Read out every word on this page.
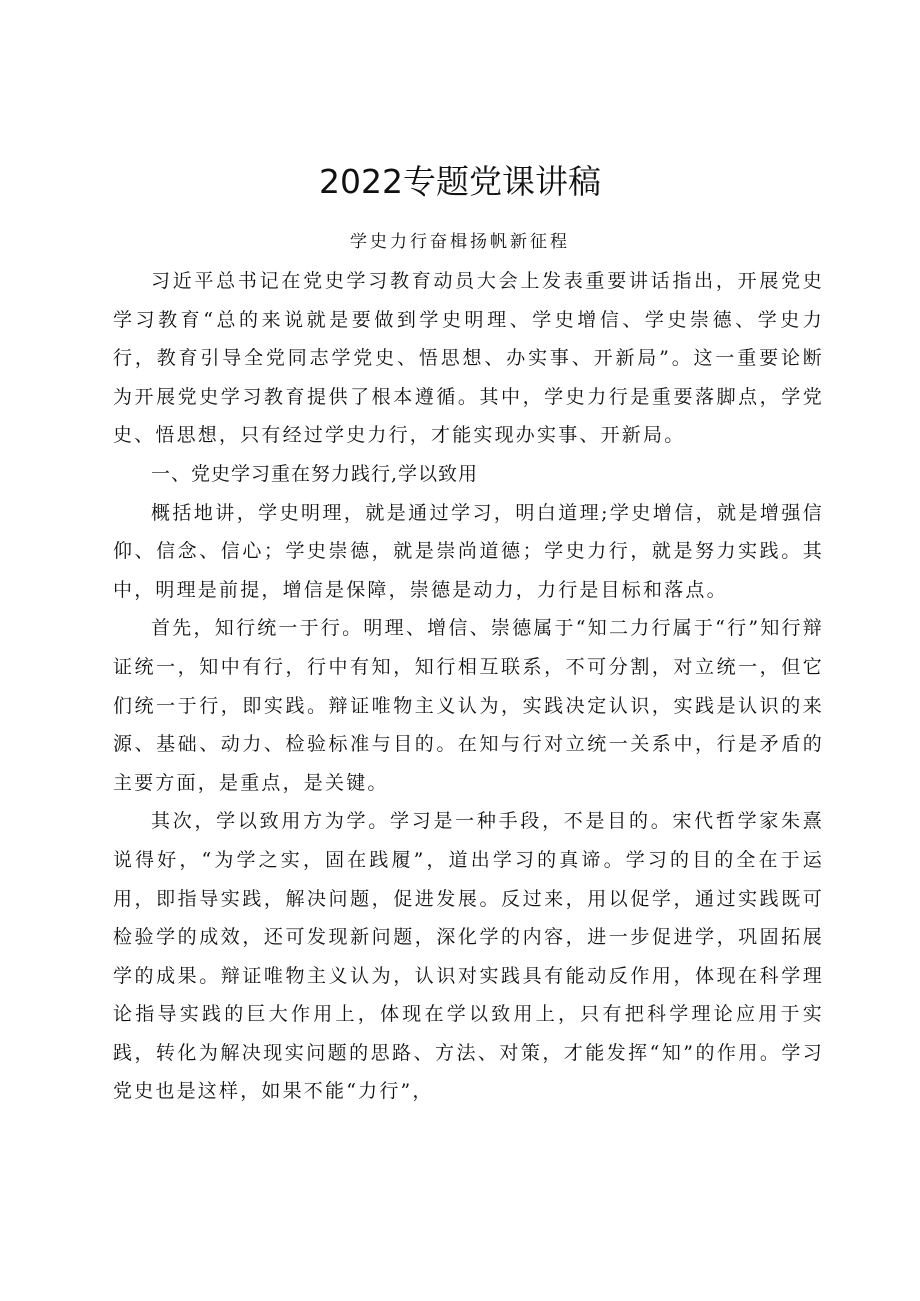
2022专题党课讲稿

学史力行奋楫扬帆新征程

习近平总书记在党史学习教育动员大会上发表重要讲话指出，开展党史学习教育“总的来说就是要做到学史明理、学史增信、学史崇德、学史力行，教育引导全党同志学党史、悟思想、办实事、开新局”。这一重要论断为开展党史学习教育提供了根本遵循。其中，学史力行是重要落脚点，学党史、悟思想，只有经过学史力行，才能实现办实事、开新局。

一、党史学习重在努力践行,学以致用

概括地讲，学史明理，就是通过学习，明白道理;学史增信，就是增强信仰、信念、信心；学史崇德，就是崇尚道德；学史力行，就是努力实践。其中，明理是前提，增信是保障，崇德是动力，力行是目标和落点。

首先，知行统一于行。明理、增信、崇德属于“知二力行属于“行”知行辩证统一，知中有行，行中有知，知行相互联系，不可分割，对立统一，但它们统一于行，即实践。辩证唯物主义认为，实践决定认识，实践是认识的来源、基础、动力、检验标准与目的。在知与行对立统一关系中，行是矛盾的主要方面，是重点，是关键。

其次，学以致用方为学。学习是一种手段，不是目的。宋代哲学家朱熹说得好，“为学之实，固在践履”，道出学习的真谛。学习的目的全在于运用，即指导实践，解决问题，促进发展。反过来，用以促学，通过实践既可检验学的成效，还可发现新问题，深化学的内容，进一步促进学，巩固拓展学的成果。辩证唯物主义认为，认识对实践具有能动反作用，体现在科学理论指导实践的巨大作用上，体现在学以致用上，只有把科学理论应用于实践，转化为解决现实问题的思路、方法、对策，才能发挥“知”的作用。学习党史也是这样，如果不能“力行”，
